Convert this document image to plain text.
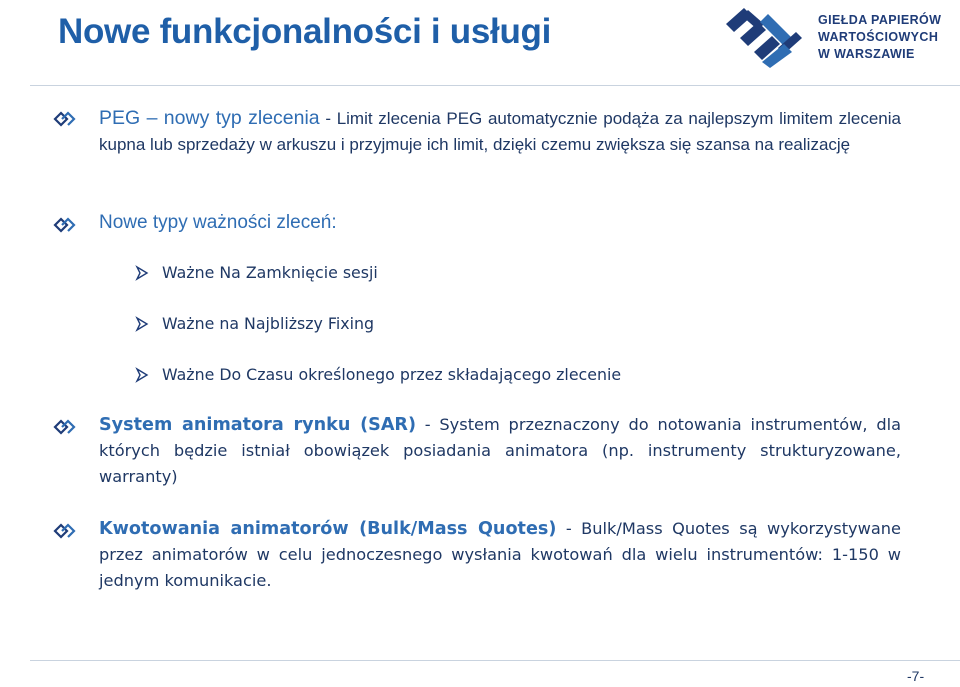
Nowe funkcjonalności i usługi	GIEŁDA PAPIERÓW
WARTOŚCIOWYCH
W WARSZAWIE
PEG – nowy typ zlecenia - Limit zlecenia PEG automatycznie podąża za najlepszym limitem zlecenia kupna lub sprzedaży w arkuszu i przyjmuje ich limit, dzięki czemu zwiększa się szansa na realizację
Nowe typy ważności zleceń:
Ważne Na Zamknięcie sesji
Ważne na Najbliższy Fixing
Ważne Do Czasu określonego przez składającego zlecenie
System animatora rynku (SAR) - System przeznaczony do notowania instrumentów, dla których będzie istniał obowiązek posiadania animatora (np. instrumenty strukturyzowane, warranty)
Kwotowania animatorów (Bulk/Mass Quotes) - Bulk/Mass Quotes są wykorzystywane przez animatorów w celu jednoczesnego wysłania kwotowań dla wielu instrumentów: 1-150 w jednym komunikacie.
-7-
